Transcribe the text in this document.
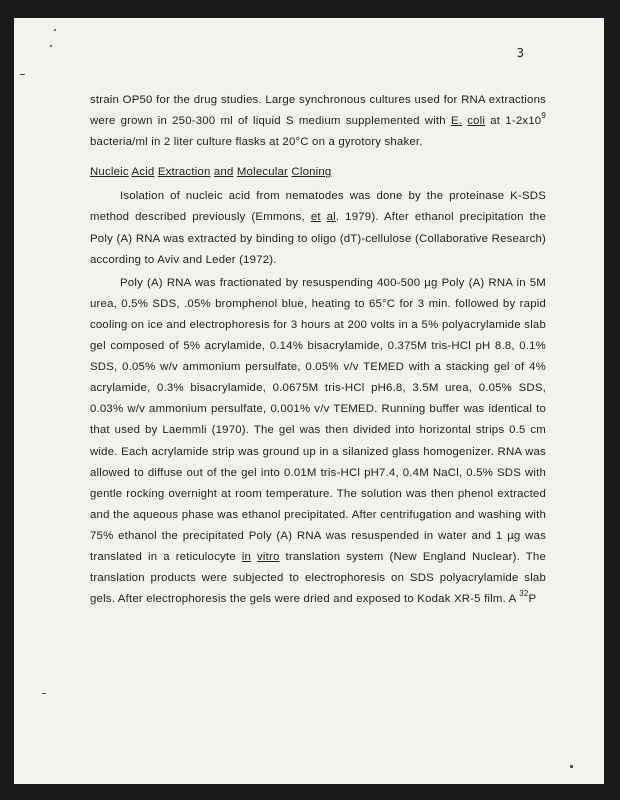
3

strain OP50 for the drug studies. Large synchronous cultures used for RNA extractions were grown in 250-300 ml of liquid S medium supplemented with E. coli at $1-2x10^9$ bacteria/ml in 2 liter culture flasks at 20°C on a gyrotory shaker.

Nucleic Acid Extraction and Molecular Cloning

Isolation of nucleic acid from nematodes was done by the proteinase K-SDS method described previously (Emmons, et al. 1979). After ethanol precipitation the Poly (A) RNA was extracted by binding to oligo (dT)-cellulose (Collaborative Research) according to Aviv and Leder (1972).

Poly (A) RNA was fractionated by resuspending 400-500 µg Poly (A) RNA in 5M urea, 0.5% SDS, .05% bromphenol blue, heating to 65°C for 3 min. followed by rapid cooling on ice and electrophoresis for 3 hours at 200 volts in a 5% polyacrylamide slab gel composed of 5% acrylamide, 0.14% bisacrylamide, 0.375M tris-HCl pH 8.8, 0.1% SDS, 0.05% w/v ammonium persulfate, 0.05% v/v TEMED with a stacking gel of 4% acrylamide, 0.3% bisacrylamide, 0.0675M tris-HCl pH6.8, 3.5M urea, 0.05% SDS, 0.03% w/v ammonium persulfate, 0.001% v/v TEMED. Running buffer was identical to that used by Laemmli (1970). The gel was then divided into horizontal strips 0.5 cm wide. Each acrylamide strip was ground up in a silanized glass homogenizer. RNA was allowed to diffuse out of the gel into 0.01M tris-HCl pH7.4, 0.4M NaCl, 0.5% SDS with gentle rocking overnight at room temperature. The solution was then phenol extracted and the aqueous phase was ethanol precipitated. After centrifugation and washing with 75% ethanol the precipitated Poly (A) RNA was resuspended in water and 1 µg was translated in a reticulocyte in vitro translation system (New England Nuclear). The translation products were subjected to electrophoresis on SDS polyacrylamide slab gels. After electrophoresis the gels were dried and exposed to Kodak XR-5 film. A $^{32}$P
